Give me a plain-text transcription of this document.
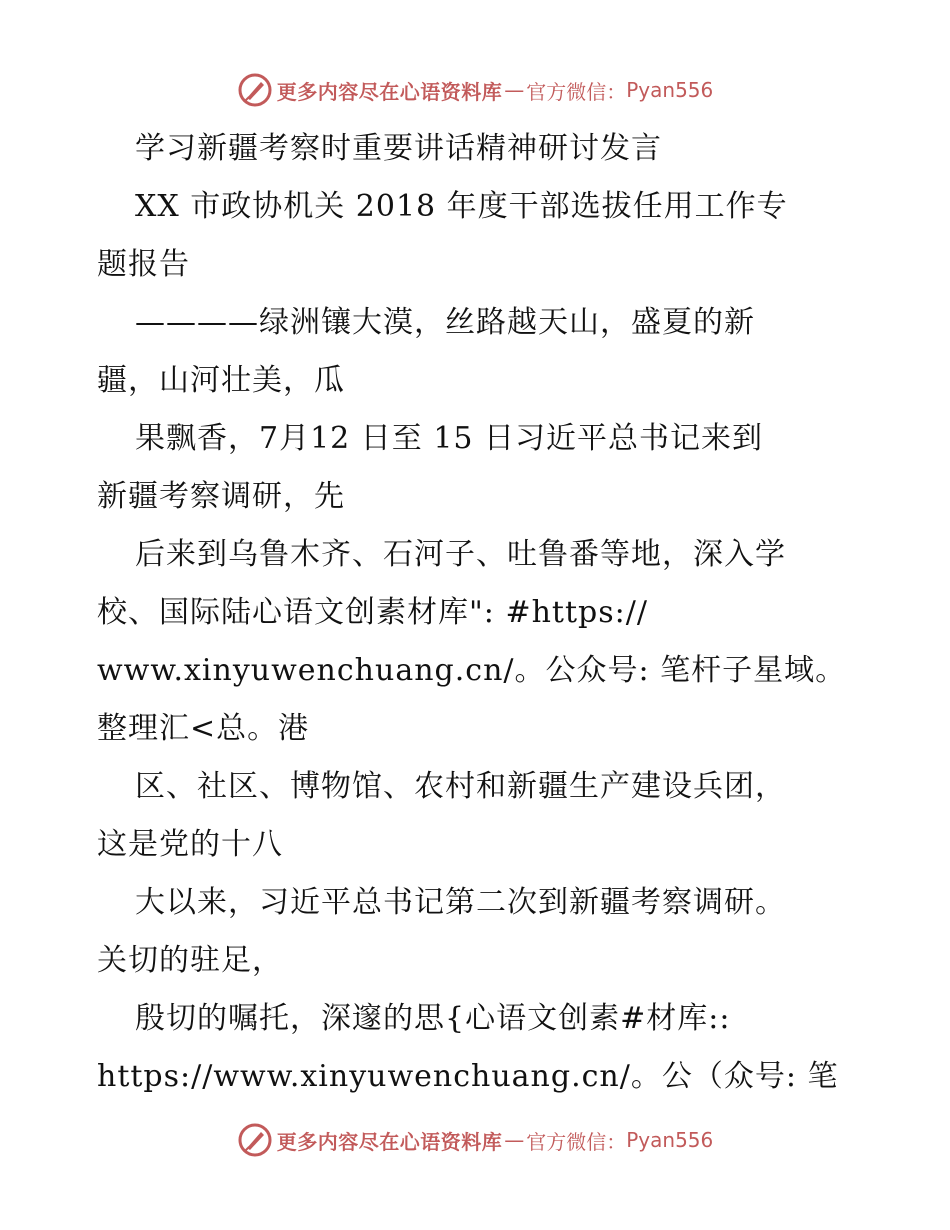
更多内容尽在心语资料库 — 官方微信： Pyan556
学习新疆考察时重要讲话精神研讨发言
XX 市政协机关 2018 年度干部选拔任用工作专
题报告
————绿洲镶大漠，丝路越天山，盛夏的新
疆，山河壮美，瓜
果飘香，7月12 日至 15 日习近平总书记来到
新疆考察调研，先
后来到乌鲁木齐、石河子、吐鲁番等地，深入学
校、国际陆心语文创素材库": #https://
www.xinyuwenchuang.cn/。公众号: 笔杆子星域。
整理汇<总。港
区、社区、博物馆、农村和新疆生产建设兵团，
这是党的十八
大以来，习近平总书记第二次到新疆考察调研。
关切的驻足，
殷切的嘱托，深邃的思{心语文创素#材库::
https://www.xinyuwenchuang.cn/。公（众号: 笔
更多内容尽在心语资料库 — 官方微信： Pyan556
